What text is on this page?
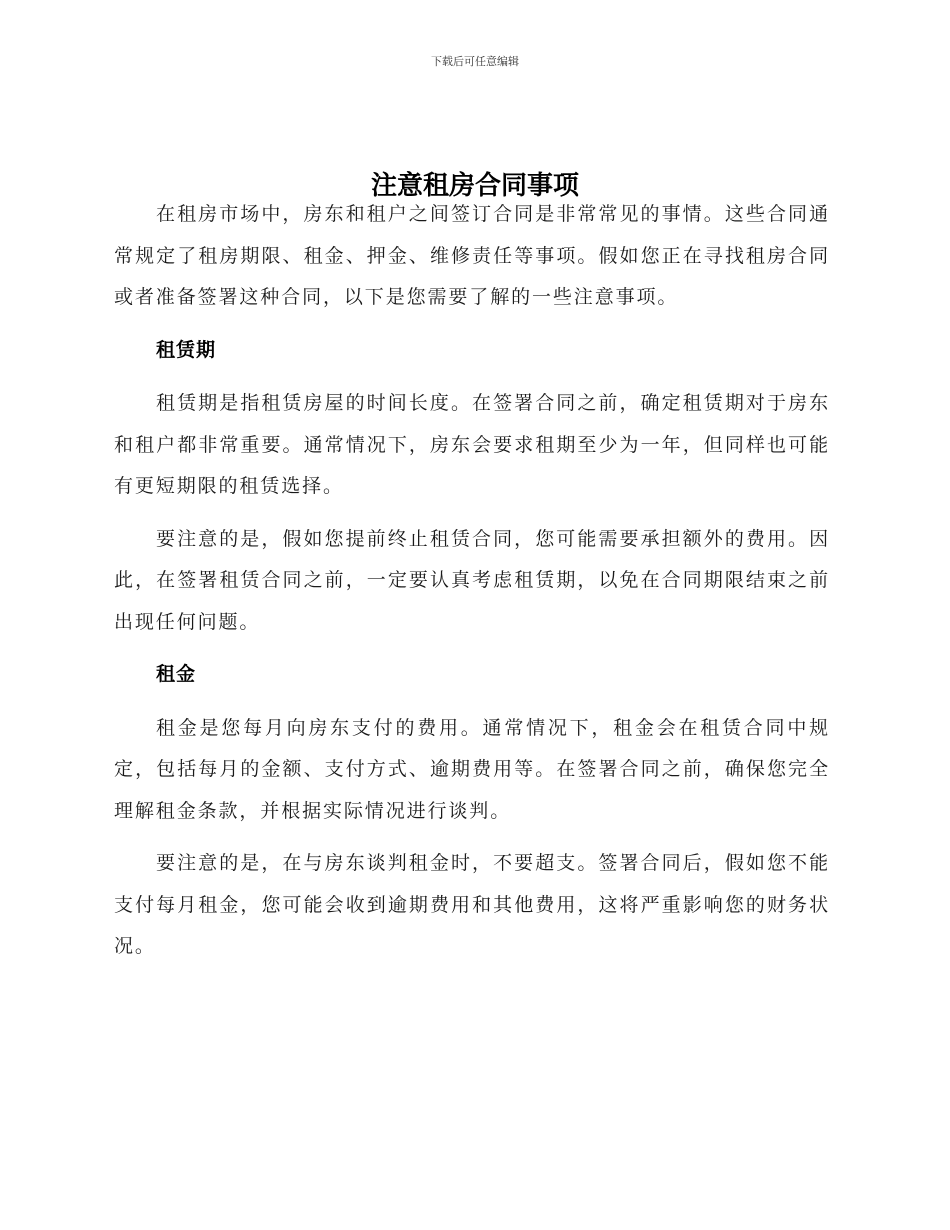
下载后可任意编辑
注意租房合同事项

在租房市场中，房东和租户之间签订合同是非常常见的事情。这些合同通常规定了租房期限、租金、押金、维修责任等事项。假如您正在寻找租房合同或者准备签署这种合同，以下是您需要了解的一些注意事项。

租赁期

租赁期是指租赁房屋的时间长度。在签署合同之前，确定租赁期对于房东和租户都非常重要。通常情况下，房东会要求租期至少为一年，但同样也可能有更短期限的租赁选择。

要注意的是，假如您提前终止租赁合同，您可能需要承担额外的费用。因此，在签署租赁合同之前，一定要认真考虑租赁期，以免在合同期限结束之前出现任何问题。

租金

租金是您每月向房东支付的费用。通常情况下，租金会在租赁合同中规定，包括每月的金额、支付方式、逾期费用等。在签署合同之前，确保您完全理解租金条款，并根据实际情况进行谈判。

要注意的是，在与房东谈判租金时，不要超支。签署合同后，假如您不能支付每月租金，您可能会收到逾期费用和其他费用，这将严重影响您的财务状况。
